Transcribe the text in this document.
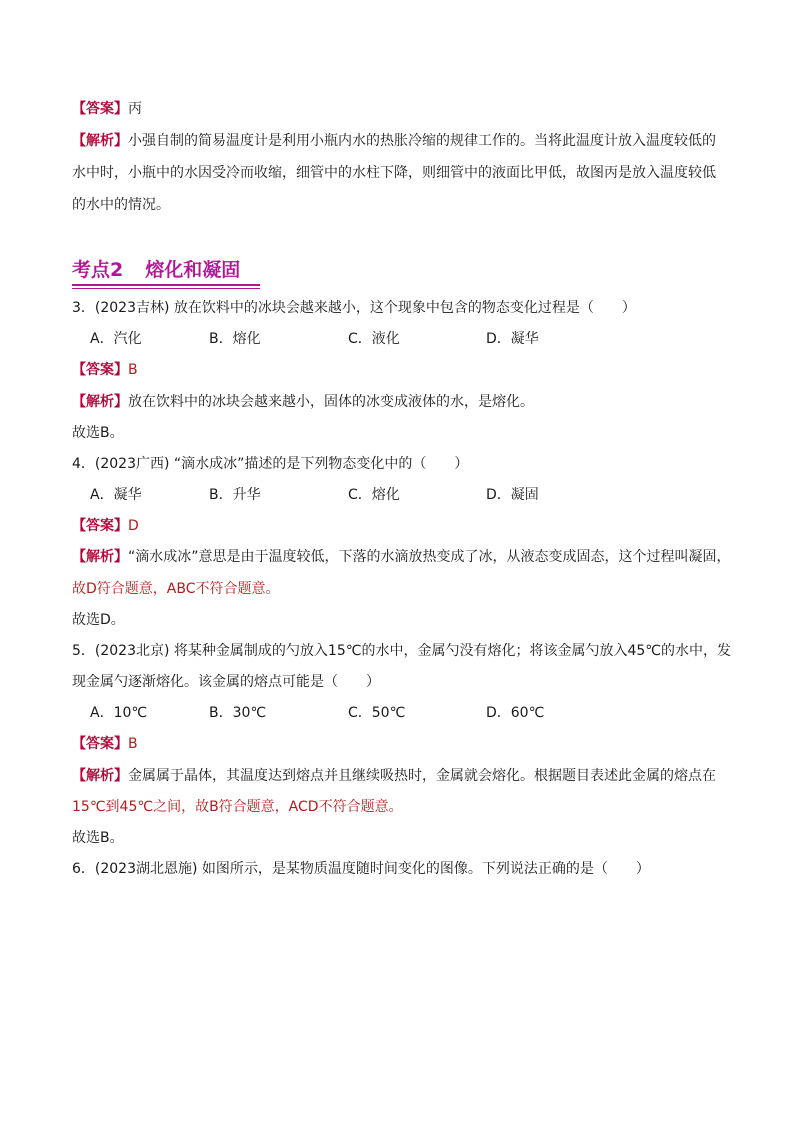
【答案】丙
【解析】小强自制的简易温度计是利用小瓶内水的热胀冷缩的规律工作的。当将此温度计放入温度较低的
水中时，小瓶中的水因受冷而收缩，细管中的水柱下降，则细管中的液面比甲低，故图丙是放入温度较低
的水中的情况。
考点2 熔化和凝固
3．(2023吉林) 放在饮料中的冰块会越来越小，这个现象中包含的物态变化过程是（　　）
A．汽化	B．熔化	C．液化	D．凝华
【答案】B
【解析】放在饮料中的冰块会越来越小，固体的冰变成液体的水，是熔化。
故选B。
4．(2023广西) “滴水成冰”描述的是下列物态变化中的（　　）
A．凝华	B．升华	C．熔化	D．凝固
【答案】D
【解析】“滴水成冰”意思是由于温度较低，下落的水滴放热变成了冰，从液态变成固态，这个过程叫凝固，
故D符合题意，ABC不符合题意。
故选D。
5．(2023北京) 将某种金属制成的勺放入15℃的水中，金属勺没有熔化；将该金属勺放入45℃的水中，发
现金属勺逐渐熔化。该金属的熔点可能是（　　）
A．10℃	B．30℃	C．50℃	D．60℃
【答案】B
【解析】金属属于晶体，其温度达到熔点并且继续吸热时，金属就会熔化。根据题目表述此金属的熔点在
15℃到45℃之间，故B符合题意，ACD不符合题意。
故选B。
6．(2023湖北恩施) 如图所示，是某物质温度随时间变化的图像。下列说法正确的是（　　）
